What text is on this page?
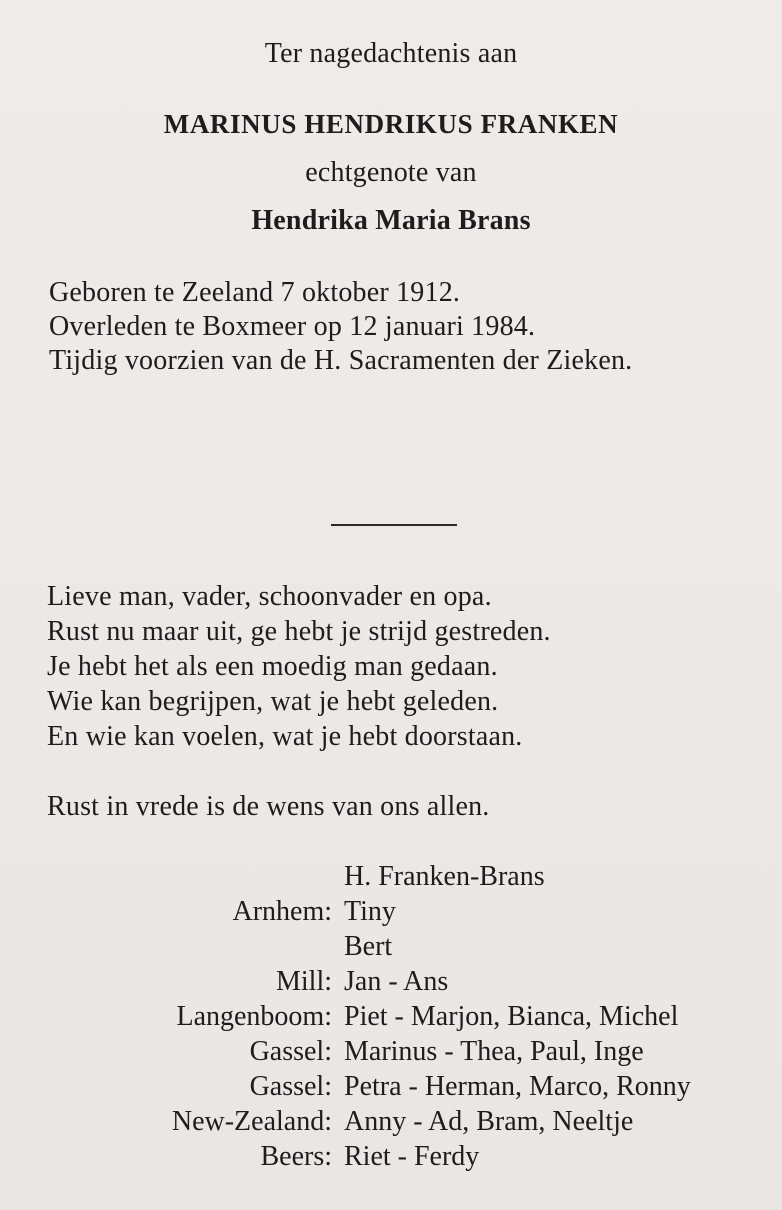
Ter nagedachtenis aan
MARINUS HENDRIKUS FRANKEN
echtgenote van
Hendrika Maria Brans
Geboren te Zeeland 7 oktober 1912.
Overleden te Boxmeer op 12 januari 1984.
Tijdig voorzien van de H. Sacramenten der Zieken.
Lieve man, vader, schoonvader en opa.
Rust nu maar uit, ge hebt je strijd gestreden.
Je hebt het als een moedig man gedaan.
Wie kan begrijpen, wat je hebt geleden.
En wie kan voelen, wat je hebt doorstaan.
Rust in vrede is de wens van ons allen.
H. Franken-Brans
Arnhem: Tiny
Bert
Mill: Jan - Ans
Langenboom: Piet - Marjon, Bianca, Michel
Gassel: Marinus - Thea, Paul, Inge
Gassel: Petra - Herman, Marco, Ronny
New-Zealand: Anny - Ad, Bram, Neeltje
Beers: Riet - Ferdy
